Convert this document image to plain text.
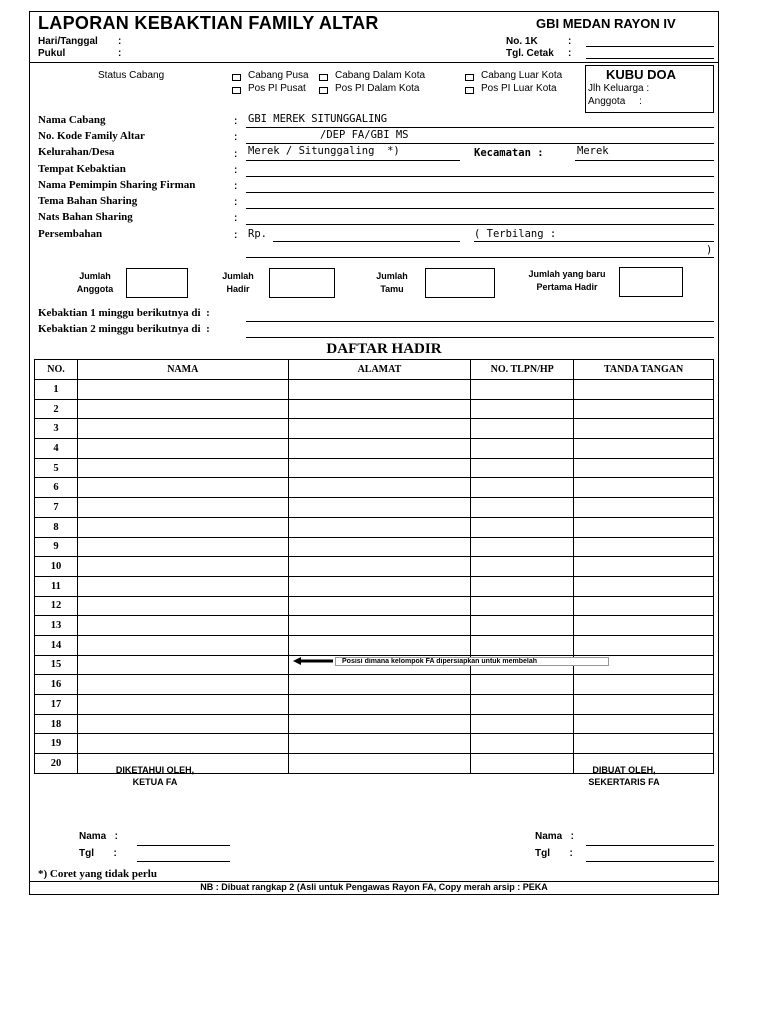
LAPORAN KEBAKTIAN FAMILY ALTAR	GBI MEDAN RAYON IV
Hari/Tanggal :
Pukul	:
No. 1K	:
Tgl. Cetak :
Status Cabang	Cabang Pusa	Cabang Dalam Kota	Cabang Luar Kota
Pos PI Pusat	Pos PI Dalam Kota	Pos PI Luar Kota
KUBU DOA
Jlh Keluarga :
Anggota     :
Nama Cabang	: GBI MEREK SITUNGGALING
No. Kode Family Altar	:	/DEP FA/GBI MS
Kelurahan/Desa	: Merek / Situnggaling  *)	Kecamatan :	Merek
Tempat Kebaktian	:
Nama Pemimpin Sharing Firman	:
Tema Bahan Sharing	:
Nats Bahan Sharing	:
Persembahan	: Rp.	( Terbilang :
)
Jumlah
Anggota
Jumlah
Hadir
Jumlah
Tamu
Jumlah yang baru
Pertama Hadir
Kebaktian 1 minggu berikutnya di  :
Kebaktian 2 minggu berikutnya di  :
DAFTAR HADIR
NO.	NAMA	ALAMAT	NO. TLPN/HP	TANDA TANGAN
1				
2				
3				
4				
5				
6				
7				
8				
9				
10				
11				
12				
13				
14				
15				
16				
17				
18				
19				
20				
Posisi dimana kelompok FA dipersiapkan untuk membelah
DIKETAHUI OLEH,
KETUA FA
DIBUAT OLEH,
SEKERTARIS FA
Nama   :
Tgl       :
Nama   :
Tgl       :
*) Coret yang tidak perlu
NB : Dibuat rangkap 2 (Asli untuk Pengawas Rayon FA, Copy merah arsip : PEKA
